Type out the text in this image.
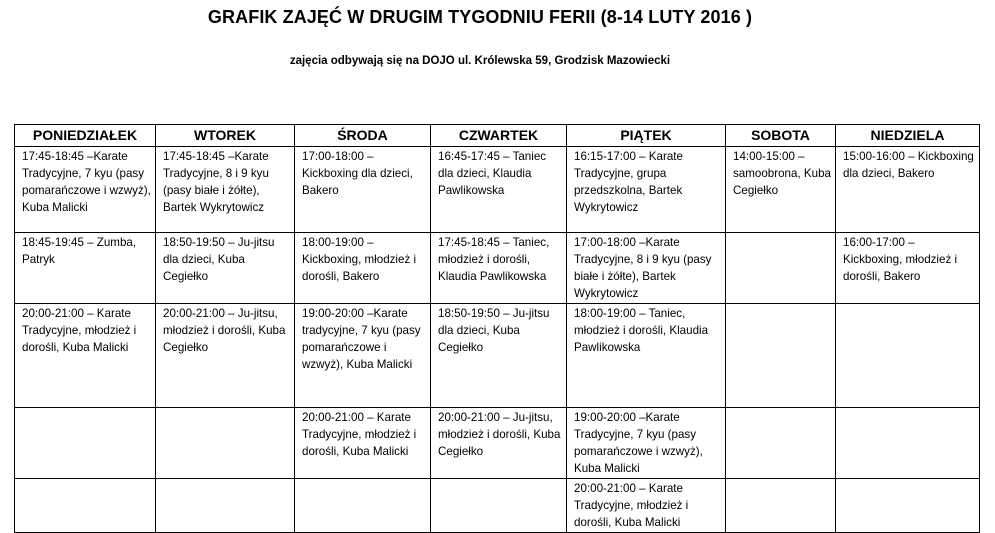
GRAFIK ZAJĘĆ W DRUGIM TYGODNIU FERII (8-14 LUTY 2016 )
zajęcia odbywają się na DOJO ul. Królewska 59, Grodzisk Mazowiecki
PONIEDZIAŁEK	WTOREK	ŚRODA	CZWARTEK	PIĄTEK	SOBOTA	NIEDZIELA
17:45-18:45 –Karate Tradycyjne, 7 kyu (pasy pomarańczowe i wzwyż), Kuba Malicki	17:45-18:45 –Karate Tradycyjne, 8 i 9 kyu (pasy białe i żółte), Bartek Wykrytowicz	17:00-18:00 – Kickboxing dla dzieci, Bakero	16:45-17:45 – Taniec dla dzieci, Klaudia Pawlikowska	16:15-17:00 – Karate Tradycyjne, grupa przedszkolna, Bartek Wykrytowicz	14:00-15:00 – samoobrona, Kuba Cegiełko	15:00-16:00 – Kickboxing dla dzieci, Bakero
18:45-19:45 – Zumba, Patryk	18:50-19:50 – Ju-jitsu dla dzieci, Kuba Cegiełko	18:00-19:00 – Kickboxing, młodzież i dorośli, Bakero	17:45-18:45 – Taniec, młodzież i dorośli, Klaudia Pawlikowska	17:00-18:00 –Karate Tradycyjne, 8 i 9 kyu (pasy białe i żółte), Bartek Wykrytowicz		16:00-17:00 – Kickboxing, młodzież i dorośli, Bakero
20:00-21:00 – Karate Tradycyjne, młodzież i dorośli, Kuba Malicki	20:00-21:00 – Ju-jitsu, młodzież i dorośli, Kuba Cegiełko	19:00-20:00 –Karate tradycyjne, 7 kyu (pasy pomarańczowe i wzwyż), Kuba Malicki	18:50-19:50 – Ju-jitsu dla dzieci, Kuba Cegiełko	18:00-19:00 – Taniec, młodzież i dorośli, Klaudia Pawlikowska		
		20:00-21:00 – Karate Tradycyjne, młodzież i dorośli, Kuba Malicki	20:00-21:00 – Ju-jitsu, młodzież i dorośli, Kuba Cegiełko	19:00-20:00 –Karate Tradycyjne, 7 kyu (pasy pomarańczowe i wzwyż), Kuba Malicki		
				20:00-21:00 – Karate Tradycyjne, młodzież i dorośli, Kuba Malicki		
